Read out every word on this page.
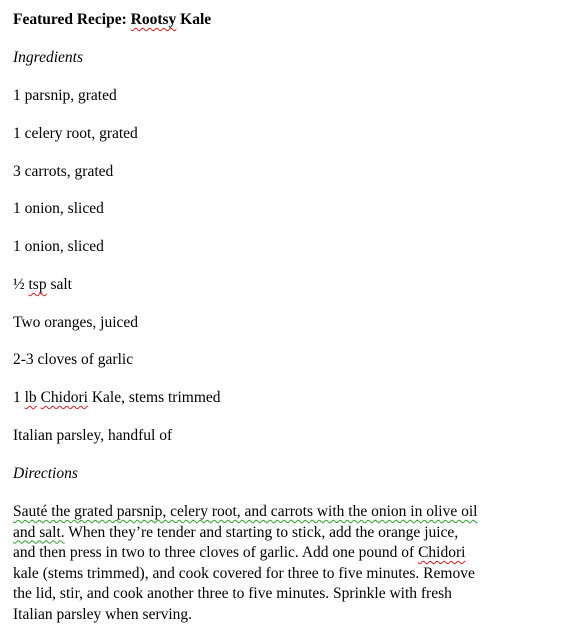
Featured Recipe: Rootsy Kale
Ingredients
1 parsnip, grated
1 celery root, grated
3 carrots, grated
1 onion, sliced
1 onion, sliced
½ tsp salt
Two oranges, juiced
2-3 cloves of garlic
1 lb Chidori Kale, stems trimmed
Italian parsley, handful of
Directions
Sauté the grated parsnip, celery root, and carrots with the onion in olive oil
and salt. When they’re tender and starting to stick, add the orange juice,
and then press in two to three cloves of garlic. Add one pound of Chidori
kale (stems trimmed), and cook covered for three to five minutes. Remove
the lid, stir, and cook another three to five minutes. Sprinkle with fresh
Italian parsley when serving.
